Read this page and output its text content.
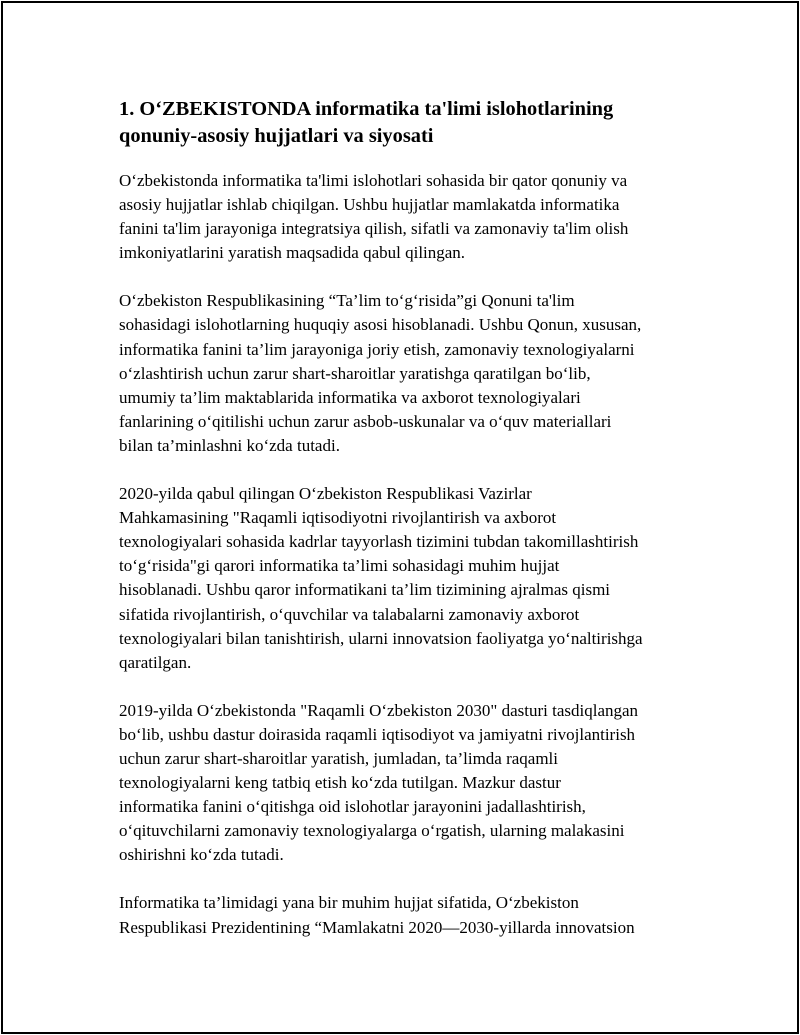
1. O‘ZBEKISTONDA informatika ta'limi islohotlarining
qonuniy-asosiy hujjatlari va siyosati

O‘zbekistonda informatika ta'limi islohotlari sohasida bir qator qonuniy va
asosiy hujjatlar ishlab chiqilgan. Ushbu hujjatlar mamlakatda informatika
fanini ta'lim jarayoniga integratsiya qilish, sifatli va zamonaviy ta'lim olish
imkoniyatlarini yaratish maqsadida qabul qilingan.

O‘zbekiston Respublikasining “Ta’lim to‘g‘risida”gi Qonuni ta'lim
sohasidagi islohotlarning huquqiy asosi hisoblanadi. Ushbu Qonun, xususan,
informatika fanini ta’lim jarayoniga joriy etish, zamonaviy texnologiyalarni
o‘zlashtirish uchun zarur shart-sharoitlar yaratishga qaratilgan bo‘lib,
umumiy ta’lim maktablarida informatika va axborot texnologiyalari
fanlarining o‘qitilishi uchun zarur asbob-uskunalar va o‘quv materiallari
bilan ta’minlashni ko‘zda tutadi.

2020-yilda qabul qilingan O‘zbekiston Respublikasi Vazirlar
Mahkamasining "Raqamli iqtisodiyotni rivojlantirish va axborot
texnologiyalari sohasida kadrlar tayyorlash tizimini tubdan takomillashtirish
to‘g‘risida"gi qarori informatika ta’limi sohasidagi muhim hujjat
hisoblanadi. Ushbu qaror informatikani ta’lim tizimining ajralmas qismi
sifatida rivojlantirish, o‘quvchilar va talabalarni zamonaviy axborot
texnologiyalari bilan tanishtirish, ularni innovatsion faoliyatga yo‘naltirishga
qaratilgan.

2019-yilda O‘zbekistonda "Raqamli O‘zbekiston 2030" dasturi tasdiqlangan
bo‘lib, ushbu dastur doirasida raqamli iqtisodiyot va jamiyatni rivojlantirish
uchun zarur shart-sharoitlar yaratish, jumladan, ta’limda raqamli
texnologiyalarni keng tatbiq etish ko‘zda tutilgan. Mazkur dastur
informatika fanini o‘qitishga oid islohotlar jarayonini jadallashtirish,
o‘qituvchilarni zamonaviy texnologiyalarga o‘rgatish, ularning malakasini
oshirishni ko‘zda tutadi.

Informatika ta’limidagi yana bir muhim hujjat sifatida, O‘zbekiston
Respublikasi Prezidentining “Mamlakatni 2020—2030-yillarda innovatsion
